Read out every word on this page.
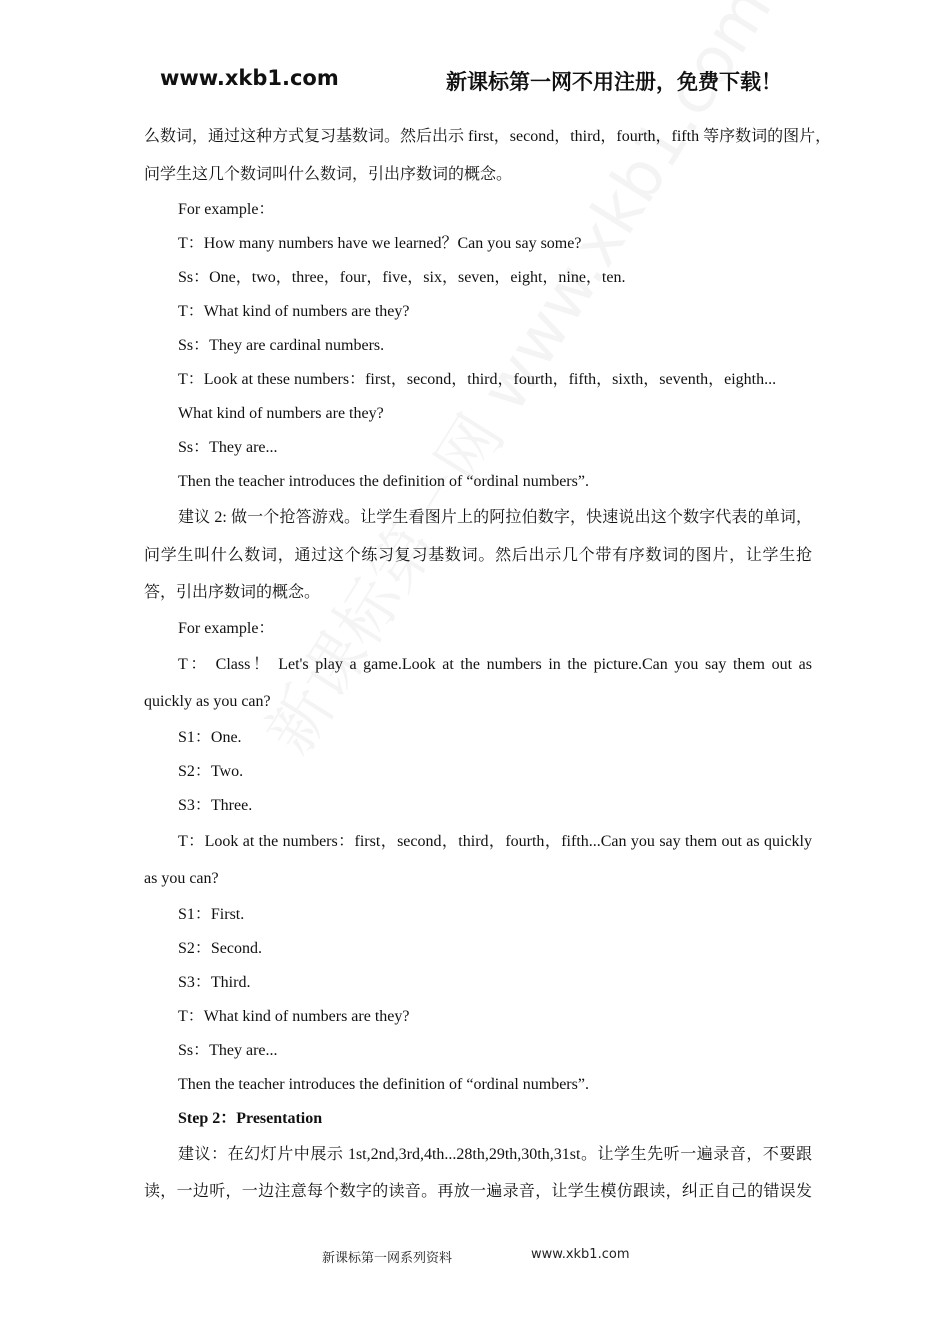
www.xkb1.com	新课标第一网不用注册，免费下载！
么数词，通过这种方式复习基数词。然后出示 first，second，third，fourth，fifth 等序数词的图片，
问学生这几个数词叫什么数词，引出序数词的概念。
For example：
T：How many numbers have we learned？Can you say some?
Ss：One，two，three，four，five，six，seven，eight，nine，ten.
T：What kind of numbers are they?
Ss：They are cardinal numbers.
T：Look at these numbers：first，second，third，fourth，fifth，sixth，seventh，eighth...
What kind of numbers are they?
Ss：They are...
Then the teacher introduces the definition of “ordinal numbers”.
建议 2: 做一个抢答游戏。让学生看图片上的阿拉伯数字，快速说出这个数字代表的单词，
问学生叫什么数词，通过这个练习复习基数词。然后出示几个带有序数词的图片，让学生抢
答，引出序数词的概念。
For example：
T： Class！ Let's play a game.Look at the numbers in the picture.Can you say them out as
quickly as you can?
S1：One.
S2：Two.
S3：Three.
T：Look at the numbers：first，second，third，fourth，fifth...Can you say them out as quickly
as you can?
S1：First.
S2：Second.
S3：Third.
T：What kind of numbers are they?
Ss：They are...
Then the teacher introduces the definition of “ordinal numbers”.
Step 2：Presentation
建议：在幻灯片中展示 1st,2nd,3rd,4th...28th,29th,30th,31st。让学生先听一遍录音，不要跟
读，一边听，一边注意每个数字的读音。再放一遍录音，让学生模仿跟读，纠正自己的错误发
新课标第一网系列资料	www.xkb1.com
